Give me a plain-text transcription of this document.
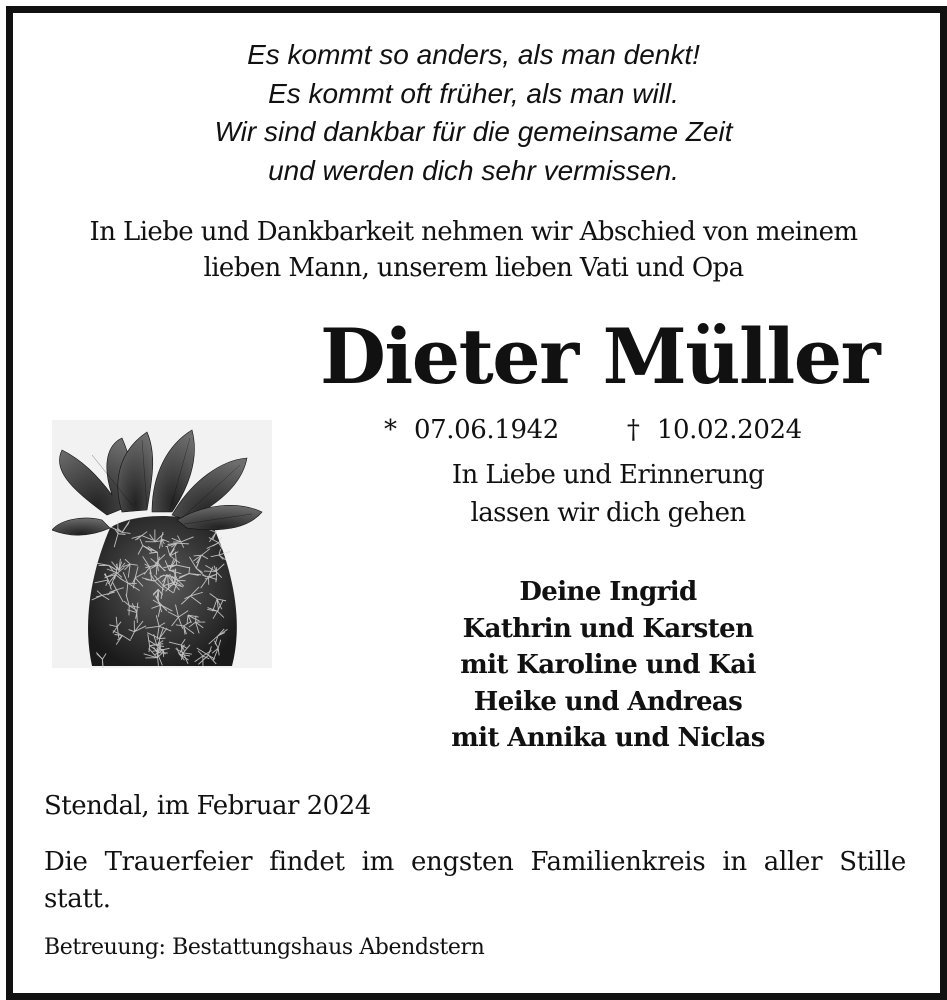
Es kommt so anders, als man denkt!
Es kommt oft früher, als man will.
Wir sind dankbar für die gemeinsame Zeit
und werden dich sehr vermissen.
In Liebe und Dankbarkeit nehmen wir Abschied von meinem
lieben Mann, unserem lieben Vati und Opa
Dieter Müller
* 07.06.1942	† 10.02.2024
In Liebe und Erinnerung
lassen wir dich gehen
Deine Ingrid
Kathrin und Karsten
mit Karoline und Kai
Heike und Andreas
mit Annika und Niclas
Stendal, im Februar 2024
Die Trauerfeier findet im engsten Familienkreis in aller Stille statt.
Betreuung: Bestattungshaus Abendstern
